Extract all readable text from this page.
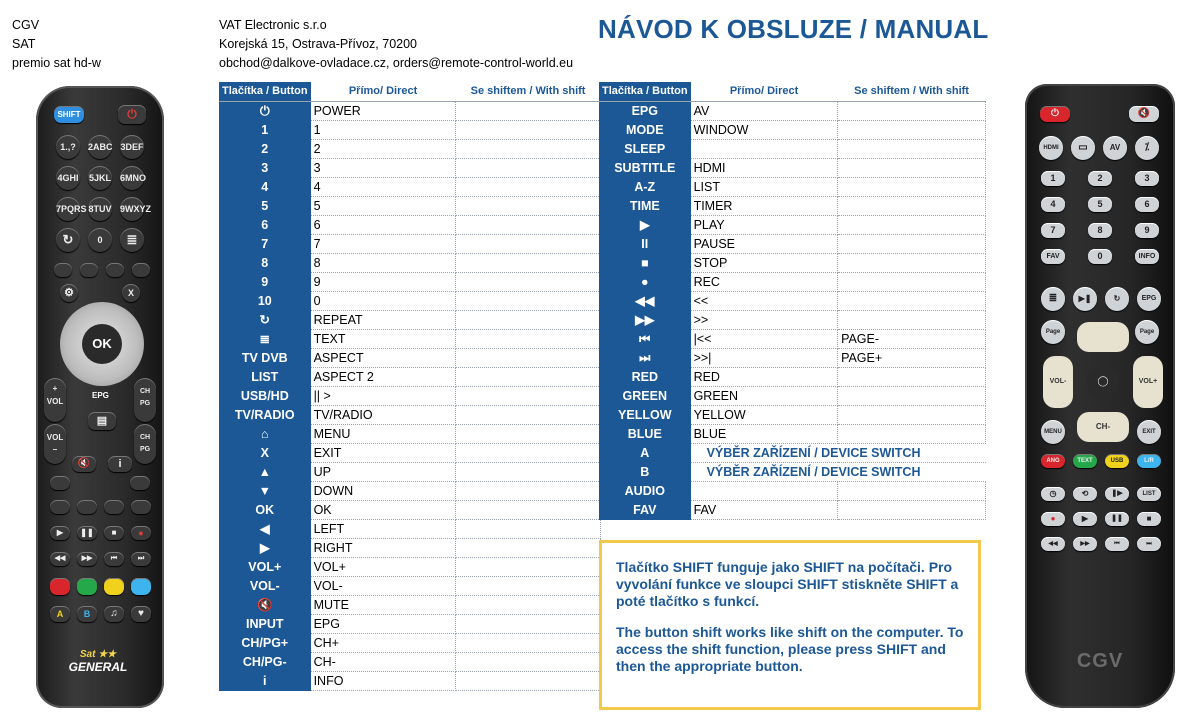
CGV
SAT
premio sat hd-w
VAT Electronic s.r.o
Korejská 15, Ostrava-Přívoz, 70200
obchod@dalkove-ovladace.cz, orders@remote-control-world.eu
NÁVOD K OBSLUZE / MANUAL
SHIFT	⏻
1.,?	2ABC 3DEF
4GHI 5JKL 6MNO
7PQRS 8TUV 9WXYZ
↻	0	≣
⚙	X
+
VOL
CH PG
EPG
▤
VOL
–
CH PG
🔇	i
▶	❚❚	■	●
◀◀	▶▶	⏮	⏭
A	B	♫	♥
OK
Sat ★★
GENERAL
Tlačítka / Button	Přímo/ Direct	Se shiftem / With shift
⏻	POWER	
1	1	
2	2	
3	3	
4	4	
5	5	
6	6	
7	7	
8	8	
9	9	
10	0	
↻	REPEAT	
≣	TEXT	
TV DVB	ASPECT	
LIST	ASPECT 2	
USB/HD	|| >	
TV/RADIO	TV/RADIO	
⌂	MENU	
X	EXIT	
▲	UP	
▼	DOWN	
OK	OK	
◀	LEFT	
▶	RIGHT	
VOL+	VOL+	
VOL-	VOL-	
🔇	MUTE	
INPUT	EPG	
CH/PG+	CH+	
CH/PG-	CH-	
i	INFO	
Tlačítka / Button	Přímo/ Direct	Se shiftem / With shift
EPG	AV	
MODE	WINDOW	
SLEEP		
SUBTITLE	HDMI	
A-Z	LIST	
TIME	TIMER	
▶	PLAY	
II	PAUSE	
■	STOP	
●	REC	
◀◀	<<	
▶▶	>>	
⏮	|<<	PAGE-
⏭	>>|	PAGE+
RED	RED	
GREEN	GREEN	
YELLOW	YELLOW	
BLUE	BLUE	
A	VÝBĚR ZAŘÍZENÍ / DEVICE SWITCH	
B	VÝBĚR ZAŘÍZENÍ / DEVICE SWITCH	
AUDIO		
FAV	FAV	

Tlačítko SHIFT funguje jako SHIFT na počítači. Pro vyvolání funkce ve sloupci SHIFT stiskněte SHIFT a poté tlačítko s funkcí.

The button shift works like shift on the computer. To access the shift function, please press SHIFT and then the appropriate button.

⏻	🔇
HDMI	▭	AV	⁒
1	2	3
4	5	6
7	8	9
FAV	0	INFO
≣	▶❚	↻	EPG
Page	Page
MENU	EXIT
ANG	TEXT	USB	L/R
◷	⟲	❚▶	LIST
●	▶	❚❚	■
◀◀	▶▶	⏮	⏭
CH-
VOL-	VOL+
◯
CGV
